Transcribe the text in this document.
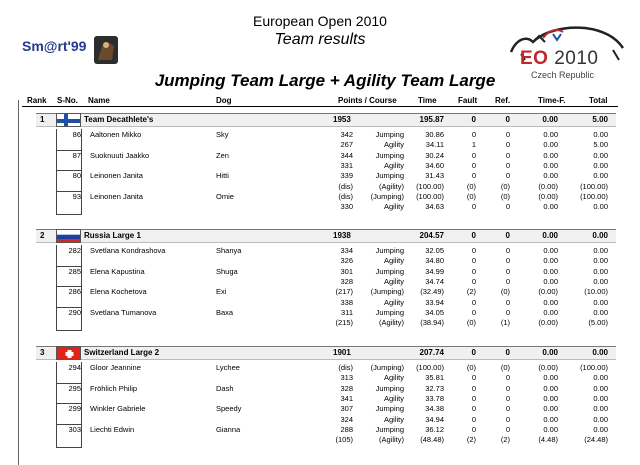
Sm@rt'99
EO 2010
Czech Republic
European Open 2010
Team results
Jumping Team Large + Agility Team Large
Rank S-No. Name	Dog	Points / Course	Time	Fault Ref.	Time-F.	Total
1	Team Decathlete's	1953	195.87	0	0	0.00	5.00
86 Aaltonen Mikko	Sky	342	Jumping	30.86	0	0	0.00	0.00
267	Agility	34.11	1	0	0.00	5.00
87 Suoknuuti Jaakko	Zen	344	Jumping	30.24	0	0	0.00	0.00
331	Agility	34.60	0	0	0.00	0.00
80 Leinonen Janita	Hitti	339	Jumping	31.43	0	0	0.00	0.00
(dis)	(Agility)	(100.00)	(0)	(0)	(0.00)	(100.00)
93 Leinonen Janita	Omie	(dis)	(Jumping)	(100.00)	(0)	(0)	(0.00)	(100.00)
330	Agility	34.63	0	0	0.00	0.00
2	Russia Large 1	1938	204.57	0	0	0.00	0.00
282 Svetlana Kondrashova	Shanya	334	Jumping	32.05	0	0	0.00	0.00
326	Agility	34.80	0	0	0.00	0.00
285 Elena Kapustina	Shuga	301	Jumping	34.99	0	0	0.00	0.00
328	Agility	34.74	0	0	0.00	0.00
286 Elena Kochetova	Exi	(217)	(Jumping)	(32.49)	(2)	(0)	(0.00)	(10.00)
338	Agility	33.94	0	0	0.00	0.00
290 Svetlana Tumanova	Baxa	311	Jumping	34.05	0	0	0.00	0.00
(215)	(Agility)	(38.94)	(0)	(1)	(0.00)	(5.00)
3	Switzerland Large 2	1901	207.74	0	0	0.00	0.00
294 Gloor Jeannine	Lychee	(dis)	(Jumping)	(100.00)	(0)	(0)	(0.00)	(100.00)
313	Agility	35.81	0	0	0.00	0.00
295 Fröhlich Philip	Dash	328	Jumping	32.73	0	0	0.00	0.00
341	Agility	33.78	0	0	0.00	0.00
299 Winkler Gabriele	Speedy	307	Jumping	34.38	0	0	0.00	0.00
324	Agility	34.94	0	0	0.00	0.00
303 Liechti Edwin	Gianna	288	Jumping	36.12	0	0	0.00	0.00
(105)	(Agility)	(48.48)	(2)	(2)	(4.48)	(24.48)
